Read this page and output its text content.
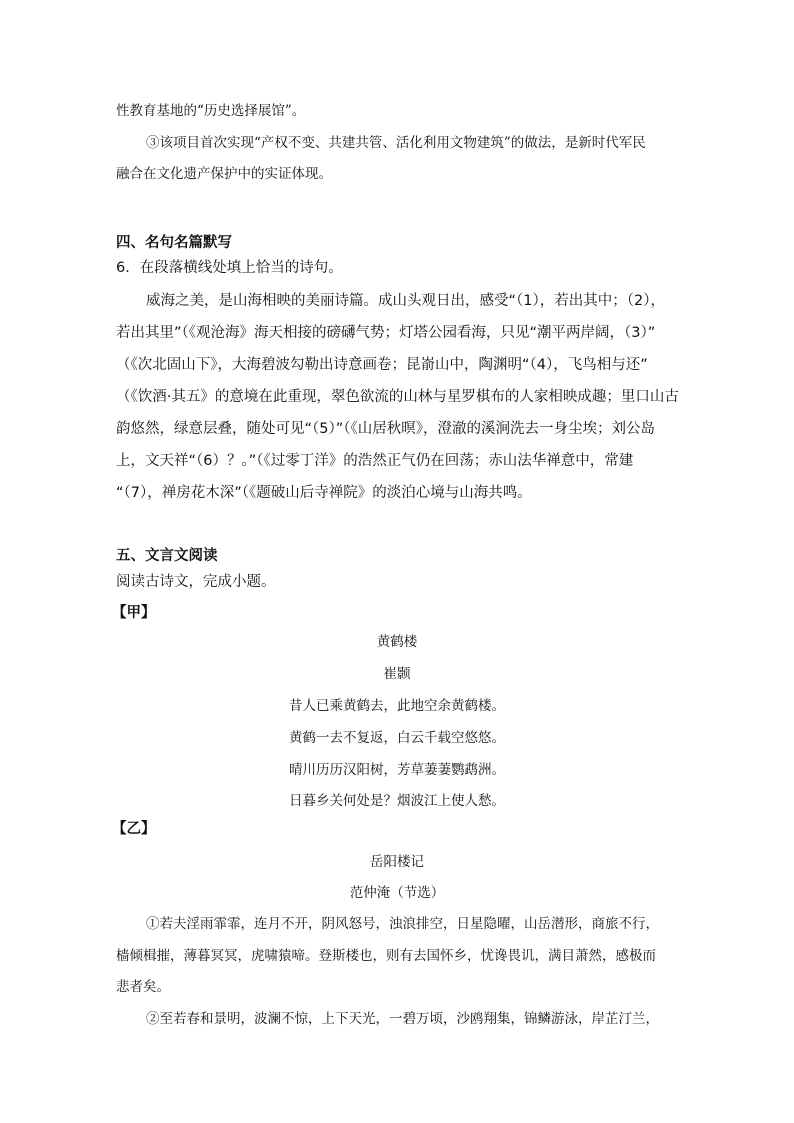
性教育基地的“历史选择展馆”。
③该项目首次实现“产权不变、共建共管、活化利用文物建筑”的做法，是新时代军民
融合在文化遗产保护中的实证体现。
四、名句名篇默写
6．在段落横线处填上恰当的诗句。
威海之美，是山海相映的美丽诗篇。成山头观日出，感受“（1），若出其中；（2），
若出其里”（《观沧海》海天相接的磅礴气势；灯塔公园看海，只见“潮平两岸阔，（3）”
（《次北固山下》，大海碧波勾勒出诗意画卷；昆嵛山中，陶渊明“（4），飞鸟相与还”
（《饮酒·其五》的意境在此重现，翠色欲流的山林与星罗棋布的人家相映成趣；里口山古
韵悠然，绿意层叠，随处可见“（5）”（《山居秋暝》，澄澈的溪涧洗去一身尘埃；刘公岛
上，文天祥“（6）？。”（《过零丁洋》的浩然正气仍在回荡；赤山法华禅意中，常建
“（7），禅房花木深”（《题破山后寺禅院》的淡泊心境与山海共鸣。
五、文言文阅读
阅读古诗文，完成小题。
【甲】
黄鹤楼
崔颢
昔人已乘黄鹤去，此地空余黄鹤楼。
黄鹤一去不复返，白云千载空悠悠。
晴川历历汉阳树，芳草萋萋鹦鹉洲。
日暮乡关何处是？烟波江上使人愁。
【乙】
岳阳楼记
范仲淹（节选）
①若夫淫雨霏霏，连月不开，阴风怒号，浊浪排空，日星隐曜，山岳潜形，商旅不行，
樯倾楫摧，薄暮冥冥，虎啸猿啼。登斯楼也，则有去国怀乡，忧谗畏讥，满目萧然，感极而
悲者矣。
②至若春和景明，波澜不惊，上下天光，一碧万顷，沙鸥翔集，锦鳞游泳，岸芷汀兰，
